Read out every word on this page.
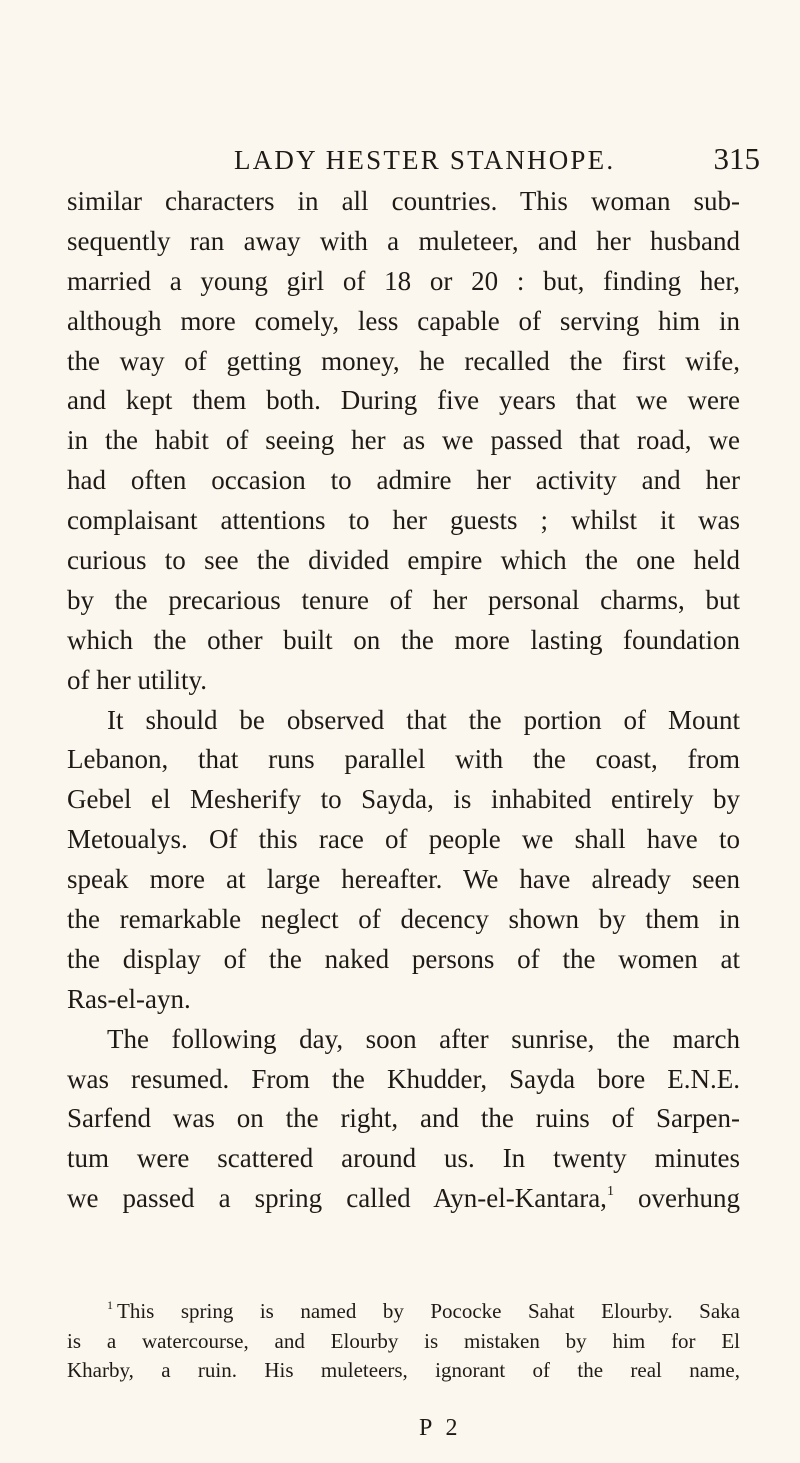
LADY HESTER STANHOPE.	315
similar characters in all countries. This woman sub-
sequently ran away with a muleteer, and her husband
married a young girl of 18 or 20 : but, finding her,
although more comely, less capable of serving him in
the way of getting money, he recalled the first wife,
and kept them both. During five years that we were
in the habit of seeing her as we passed that road, we
had often occasion to admire her activity and her
complaisant attentions to her guests ; whilst it was
curious to see the divided empire which the one held
by the precarious tenure of her personal charms, but
which the other built on the more lasting foundation
of her utility.
It should be observed that the portion of Mount
Lebanon, that runs parallel with the coast, from
Gebel el Mesherify to Sayda, is inhabited entirely by
Metoualys. Of this race of people we shall have to
speak more at large hereafter. We have already seen
the remarkable neglect of decency shown by them in
the display of the naked persons of the women at
Ras-el-ayn.
The following day, soon after sunrise, the march
was resumed. From the Khudder, Sayda bore E.N.E.
Sarfend was on the right, and the ruins of Sarpen-
tum were scattered around us. In twenty minutes
we passed a spring called Ayn-el-Kantara,$^1$ overhung
$^1$ This spring is named by Pococke Sahat Elourby. Saka
is a watercourse, and Elourby is mistaken by him for El
Kharby, a ruin. His muleteers, ignorant of the real name,
P 2
